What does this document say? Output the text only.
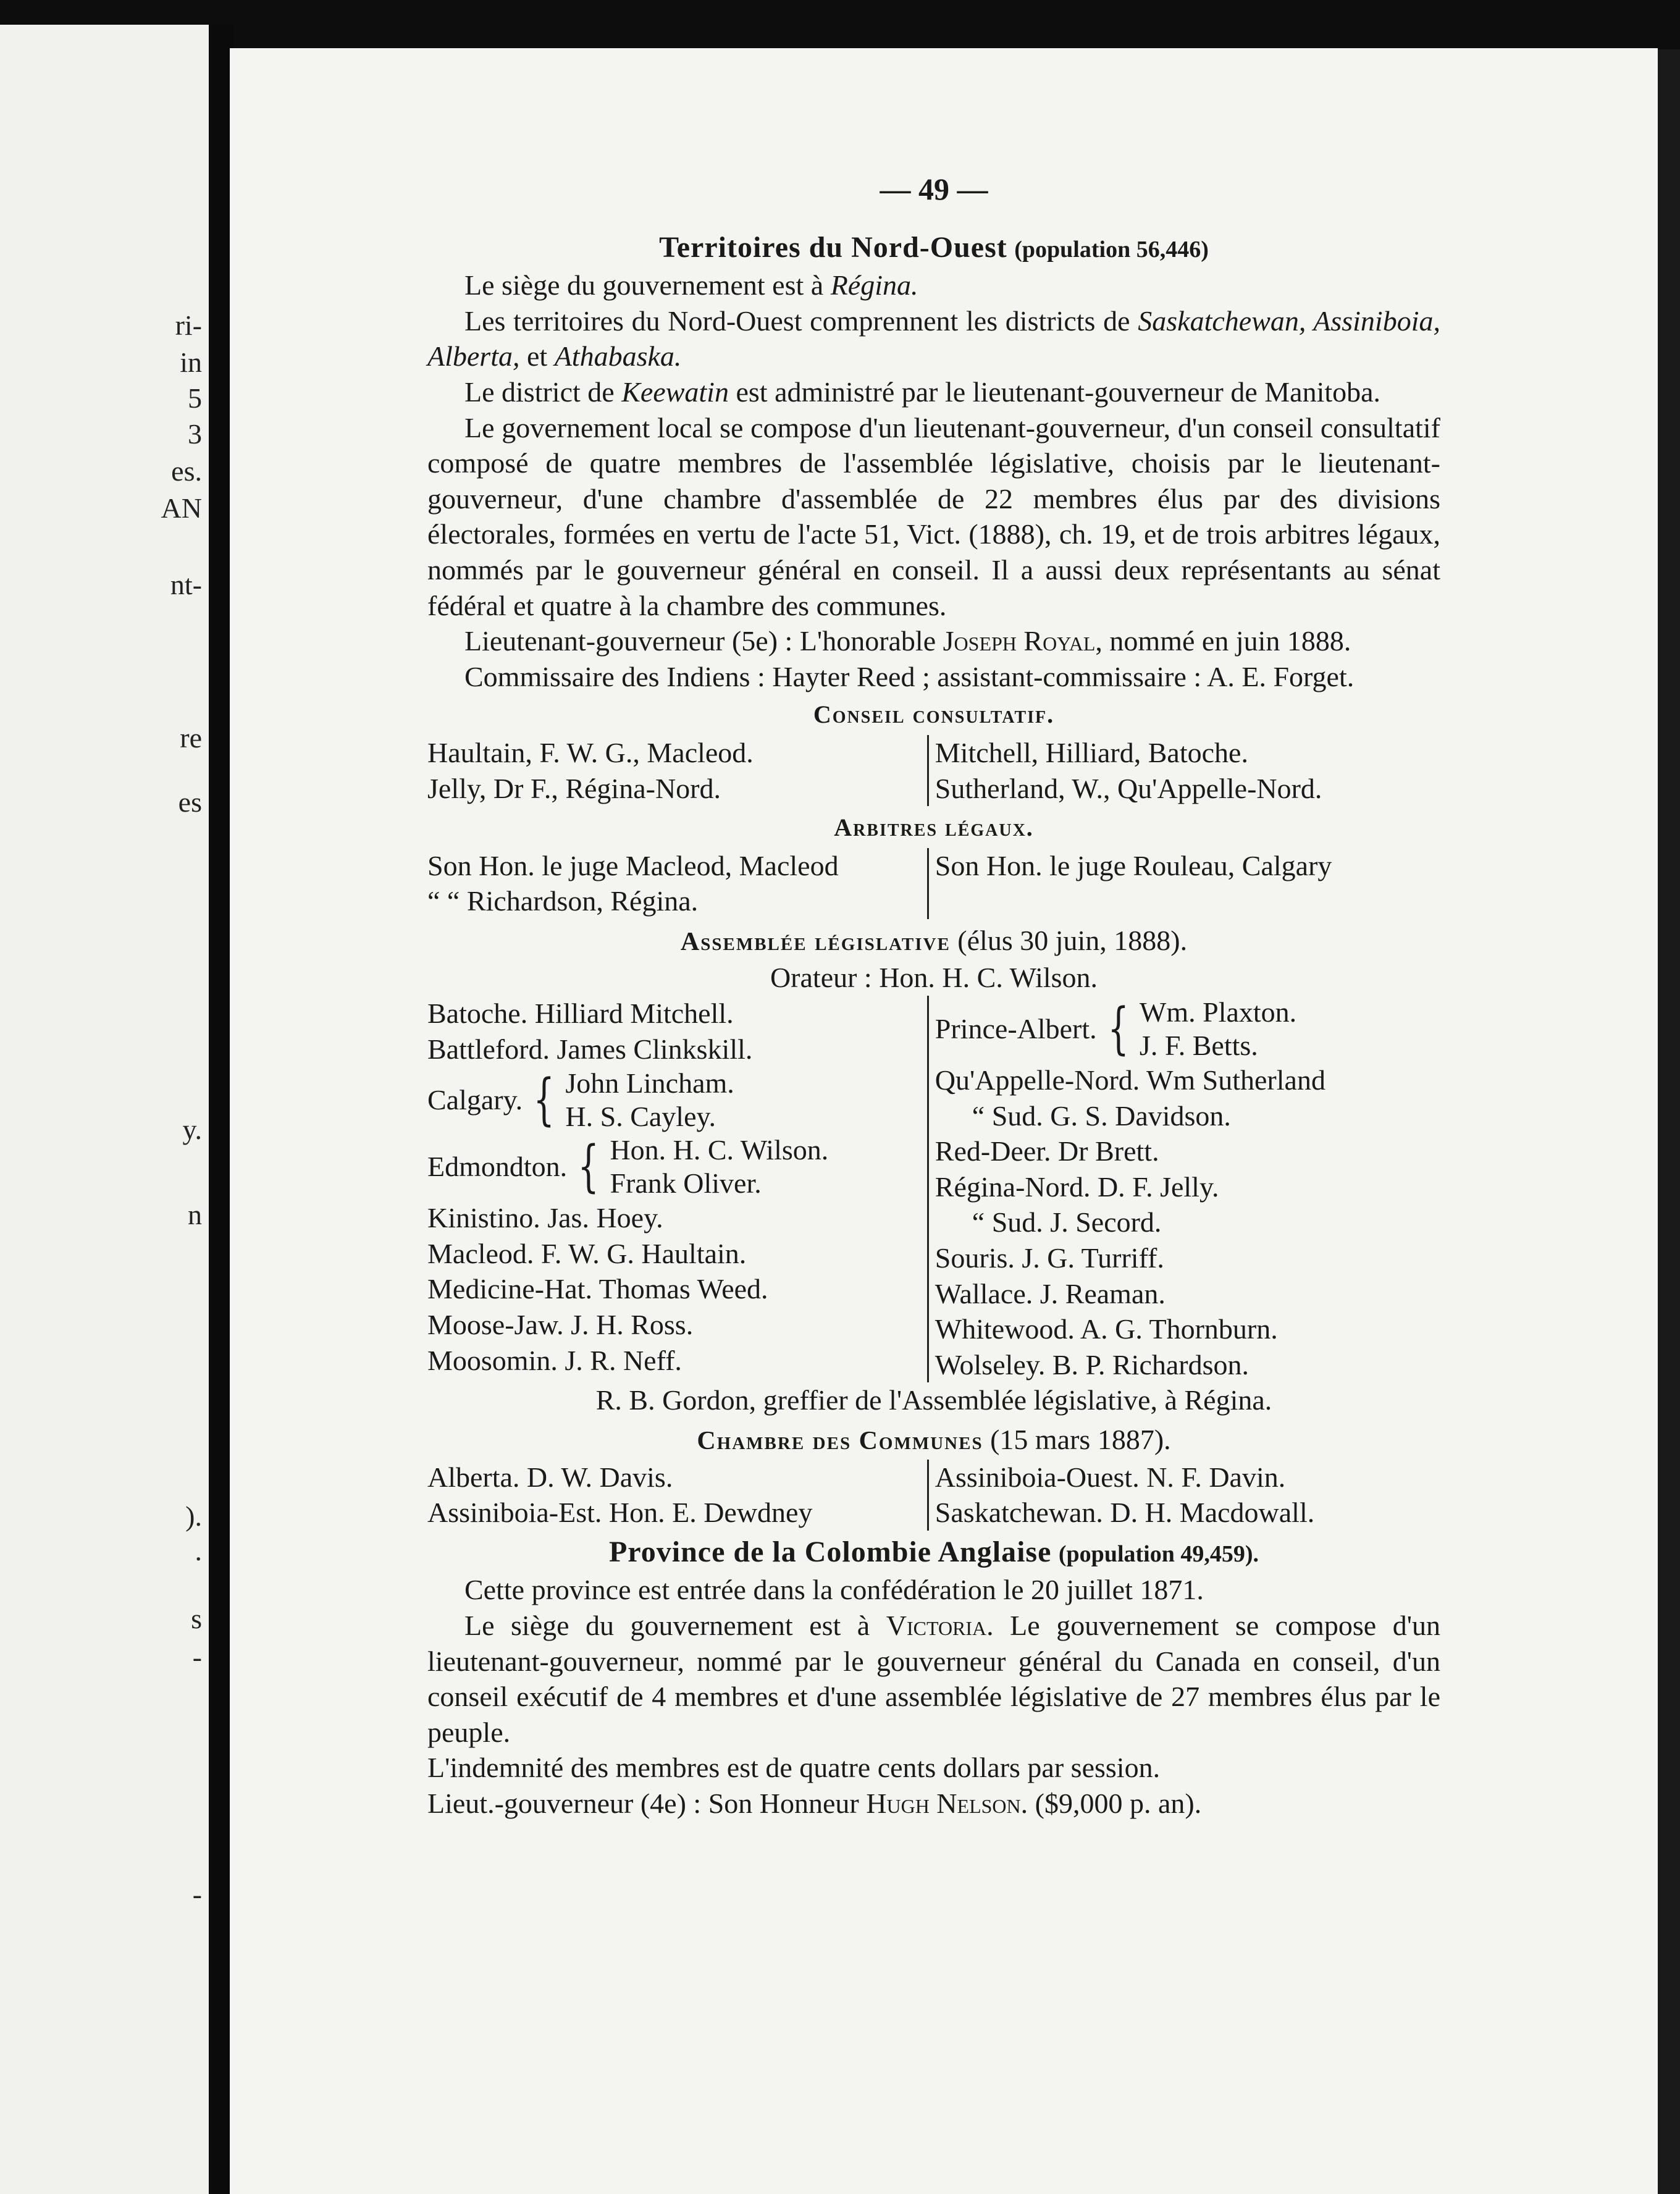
ri-
in
5
3
es.
AN
nt-
re
es
y.
n
).
.
s
-
-
— 49 —
Territoires du Nord-Ouest (population 56,446)
Le siège du gouvernement est à Régina.
Les territoires du Nord-Ouest comprennent les districts de Saskatchewan, Assiniboia, Alberta, et Athabaska.
Le district de Keewatin est administré par le lieutenant-gouverneur de Manitoba.
Le governement local se compose d'un lieutenant-gouverneur, d'un conseil consultatif composé de quatre membres de l'assemblée législative, choisis par le lieutenant-gouverneur, d'une chambre d'assemblée de 22 membres élus par des divisions électorales, formées en vertu de l'acte 51, Vict. (1888), ch. 19, et de trois arbitres légaux, nommés par le gouverneur général en conseil. Il a aussi deux représentants au sénat fédéral et quatre à la chambre des communes.
Lieutenant-gouverneur (5e) : L'honorable Joseph Royal, nommé en juin 1888.
Commissaire des Indiens : Hayter Reed ; assistant-commissaire : A. E. Forget.
Conseil consultatif.
Haultain, F. W. G., Macleod.
Jelly, Dr F., Régina-Nord.
Mitchell, Hilliard, Batoche.
Sutherland, W., Qu'Appelle-Nord.
Arbitres légaux.
Son Hon. le juge Macleod, Macleod
“ “ Richardson, Régina.
Son Hon. le juge Rouleau, Calgary
Assemblée législative (élus 30 juin, 1888).
Orateur : Hon. H. C. Wilson.
Batoche. Hilliard Mitchell.
Battleford. James Clinkskill.
Calgary. { John Lincham.
H. S. Cayley.
Edmondton. { Hon. H. C. Wilson.
Frank Oliver.
Kinistino. Jas. Hoey.
Macleod. F. W. G. Haultain.
Medicine-Hat. Thomas Weed.
Moose-Jaw. J. H. Ross.
Moosomin. J. R. Neff.
Prince-Albert. { Wm. Plaxton.
J. F. Betts.
Qu'Appelle-Nord. Wm Sutherland
“ Sud. G. S. Davidson.
Red-Deer. Dr Brett.
Régina-Nord. D. F. Jelly.
“ Sud. J. Secord.
Souris. J. G. Turriff.
Wallace. J. Reaman.
Whitewood. A. G. Thornburn.
Wolseley. B. P. Richardson.
R. B. Gordon, greffier de l'Assemblée législative, à Régina.
Chambre des Communes (15 mars 1887).
Alberta. D. W. Davis.
Assiniboia-Est. Hon. E. Dewdney
Assiniboia-Ouest. N. F. Davin.
Saskatchewan. D. H. Macdowall.
Province de la Colombie Anglaise (population 49,459).
Cette province est entrée dans la confédération le 20 juillet 1871.
Le siège du gouvernement est à Victoria. Le gouvernement se compose d'un lieutenant-gouverneur, nommé par le gouverneur général du Canada en conseil, d'un conseil exécutif de 4 membres et d'une assemblée législative de 27 membres élus par le peuple.
L'indemnité des membres est de quatre cents dollars par session.
Lieut.-gouverneur (4e) : Son Honneur Hugh Nelson. ($9,000 p. an).
